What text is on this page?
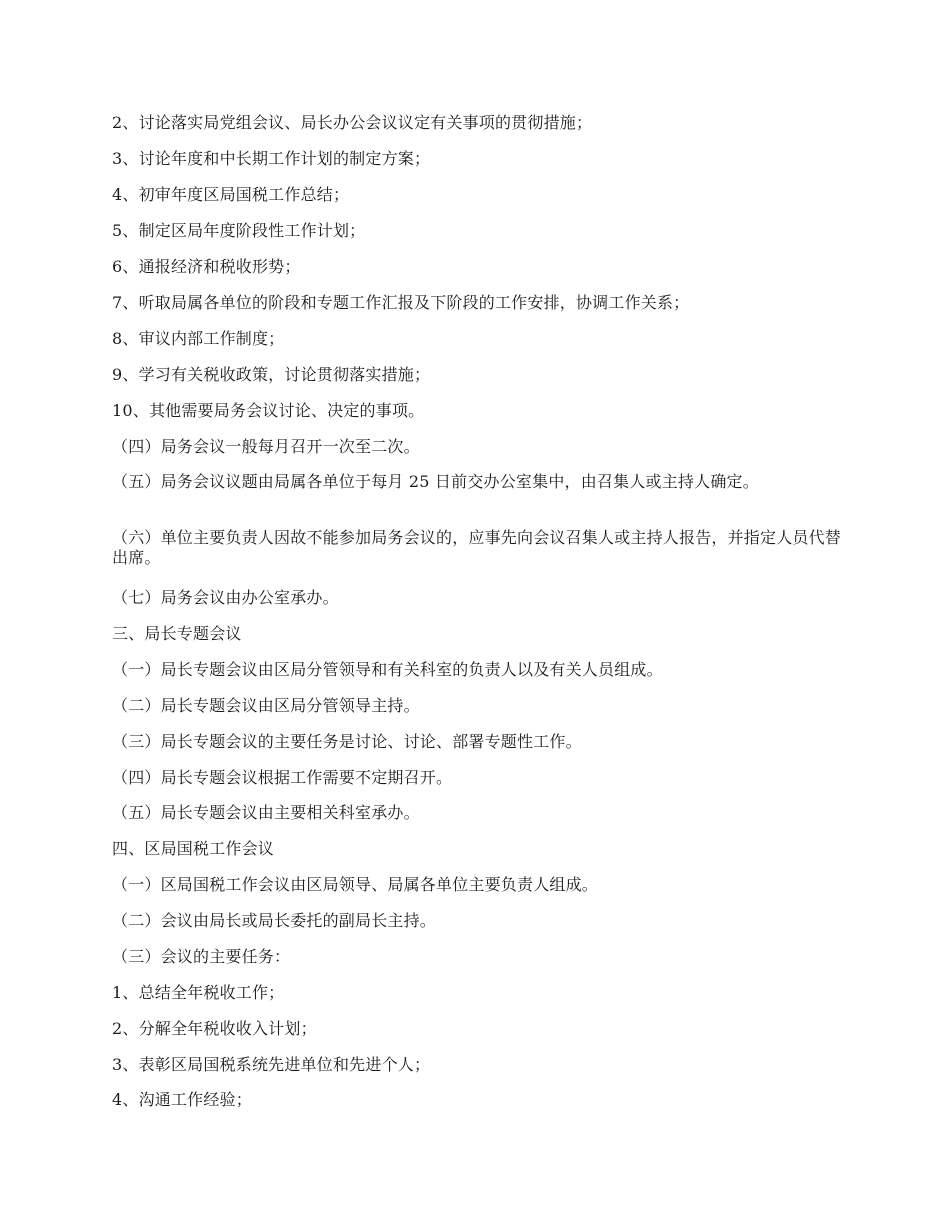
2、讨论落实局党组会议、局长办公会议议定有关事项的贯彻措施；
3、讨论年度和中长期工作计划的制定方案；
4、初审年度区局国税工作总结；
5、制定区局年度阶段性工作计划；
6、通报经济和税收形势；
7、听取局属各单位的阶段和专题工作汇报及下阶段的工作安排，协调工作关系；
8、审议内部工作制度；
9、学习有关税收政策，讨论贯彻落实措施；
10、其他需要局务会议讨论、决定的事项。
（四）局务会议一般每月召开一次至二次。
（五）局务会议议题由局属各单位于每月 25 日前交办公室集中，由召集人或主持人确定。
（六）单位主要负责人因故不能参加局务会议的，应事先向会议召集人或主持人报告，并指定人员代替出席。
（七）局务会议由办公室承办。
三、局长专题会议
（一）局长专题会议由区局分管领导和有关科室的负责人以及有关人员组成。
（二）局长专题会议由区局分管领导主持。
（三）局长专题会议的主要任务是讨论、讨论、部署专题性工作。
（四）局长专题会议根据工作需要不定期召开。
（五）局长专题会议由主要相关科室承办。
四、区局国税工作会议
（一）区局国税工作会议由区局领导、局属各单位主要负责人组成。
（二）会议由局长或局长委托的副局长主持。
（三）会议的主要任务：
1、总结全年税收工作；
2、分解全年税收收入计划；
3、表彰区局国税系统先进单位和先进个人；
4、沟通工作经验；
